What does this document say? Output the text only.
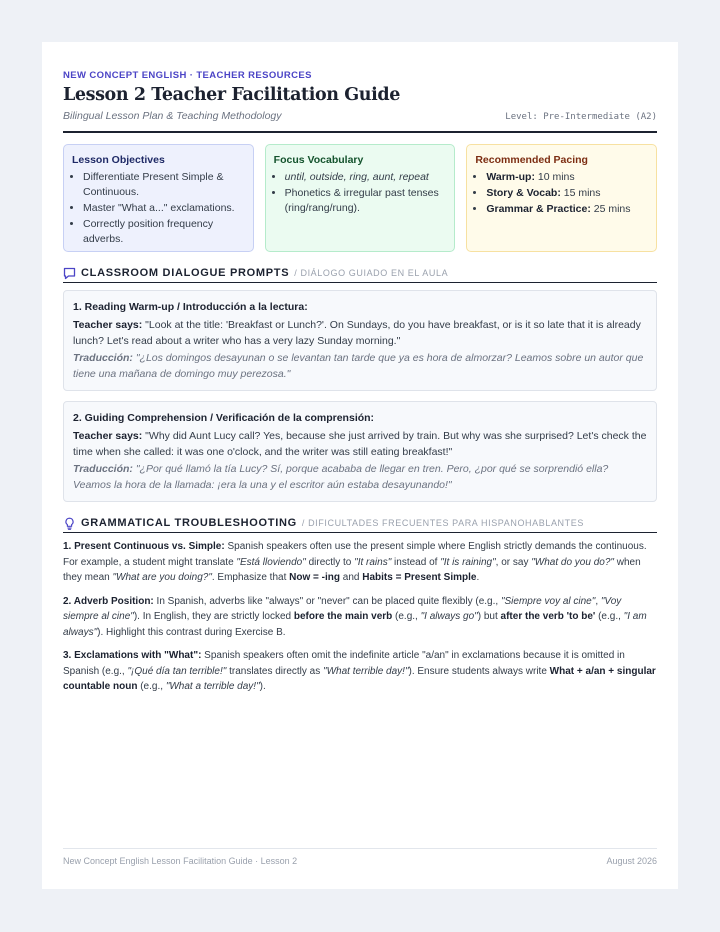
NEW CONCEPT ENGLISH · TEACHER RESOURCES
Lesson 2 Teacher Facilitation Guide
Bilingual Lesson Plan & Teaching Methodology	Level: Pre-Intermediate (A2)
Lesson Objectives
• Differentiate Present Simple & Continuous.
• Master "What a..." exclamations.
• Correctly position frequency adverbs.
Focus Vocabulary
• until, outside, ring, aunt, repeat
• Phonetics & irregular past tenses (ring/rang/rung).
Recommended Pacing
• Warm-up: 10 mins
• Story & Vocab: 15 mins
• Grammar & Practice: 25 mins
CLASSROOM DIALOGUE PROMPTS / DIÁLOGO GUIADO EN EL AULA
1. Reading Warm-up / Introducción a la lectura:
Teacher says: "Look at the title: 'Breakfast or Lunch?'. On Sundays, do you have breakfast, or is it so late that it is already lunch? Let's read about a writer who has a very lazy Sunday morning."
Traducción: "¿Los domingos desayunan o se levantan tan tarde que ya es hora de almorzar? Leamos sobre un autor que tiene una mañana de domingo muy perezosa."
2. Guiding Comprehension / Verificación de la comprensión:
Teacher says: "Why did Aunt Lucy call? Yes, because she just arrived by train. But why was she surprised? Let's check the time when she called: it was one o'clock, and the writer was still eating breakfast!"
Traducción: "¿Por qué llamó la tía Lucy? Sí, porque acababa de llegar en tren. Pero, ¿por qué se sorprendió ella? Veamos la hora de la llamada: ¡era la una y el escritor aún estaba desayunando!"
GRAMMATICAL TROUBLESHOOTING / DIFICULTADES FRECUENTES PARA HISPANOHABLANTES

1. Present Continuous vs. Simple: Spanish speakers often use the present simple where English strictly demands the continuous. For example, a student might translate "Está lloviendo" directly to "It rains" instead of "It is raining", or say "What do you do?" when they mean "What are you doing?". Emphasize that Now = -ing and Habits = Present Simple.

2. Adverb Position: In Spanish, adverbs like "always" or "never" can be placed quite flexibly (e.g., "Siempre voy al cine", "Voy siempre al cine"). In English, they are strictly locked before the main verb (e.g., "I always go") but after the verb 'to be' (e.g., "I am always"). Highlight this contrast during Exercise B.

3. Exclamations with "What": Spanish speakers often omit the indefinite article "a/an" in exclamations because it is omitted in Spanish (e.g., "¡Qué día tan terrible!" translates directly as "What terrible day!"). Ensure students always write What + a/an + singular countable noun (e.g., "What a terrible day!").

New Concept English Lesson Facilitation Guide · Lesson 2	August 2026
